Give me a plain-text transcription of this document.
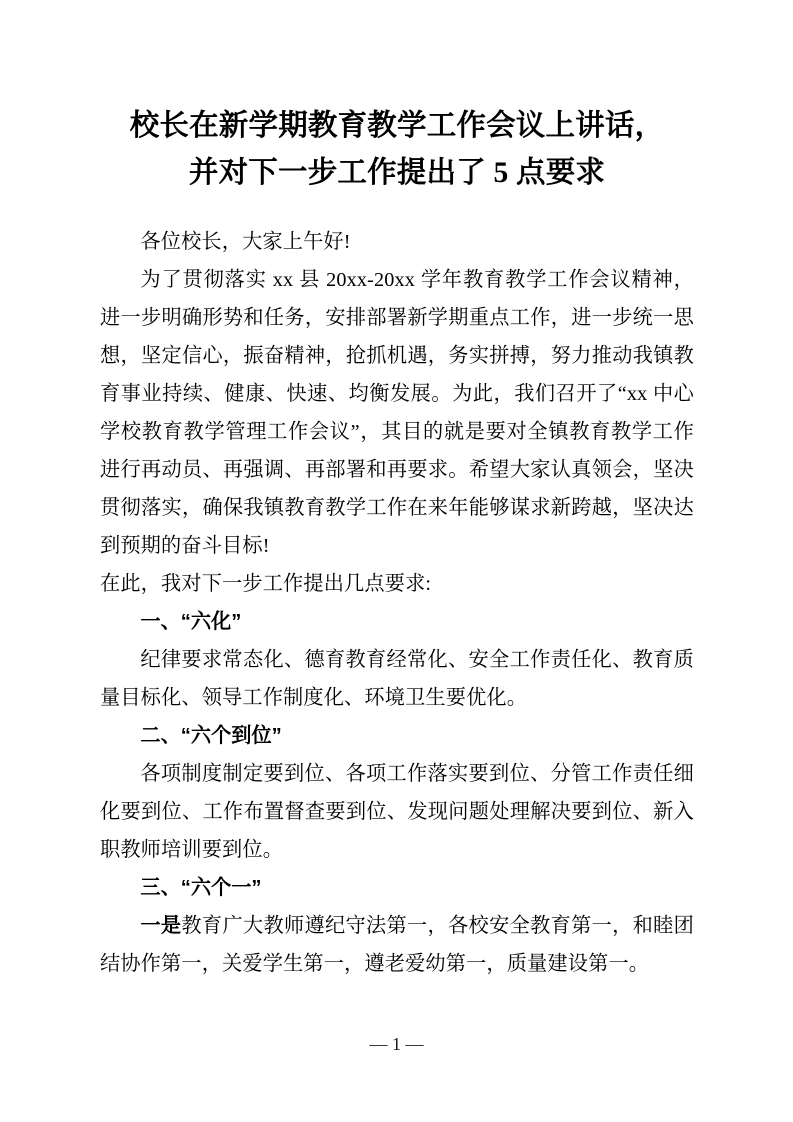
校长在新学期教育教学工作会议上讲话，
并对下一步工作提出了 5 点要求

各位校长，大家上午好!

为了贯彻落实 xx 县 20xx-20xx 学年教育教学工作会议精神，进一步明确形势和任务，安排部署新学期重点工作，进一步统一思想，坚定信心，振奋精神，抢抓机遇，务实拼搏，努力推动我镇教育事业持续、健康、快速、均衡发展。为此，我们召开了“xx 中心学校教育教学管理工作会议”，其目的就是要对全镇教育教学工作进行再动员、再强调、再部署和再要求。希望大家认真领会，坚决贯彻落实，确保我镇教育教学工作在来年能够谋求新跨越，坚决达到预期的奋斗目标!

在此，我对下一步工作提出几点要求:

一、“六化”

纪律要求常态化、德育教育经常化、安全工作责任化、教育质量目标化、领导工作制度化、环境卫生要优化。

二、“六个到位”

各项制度制定要到位、各项工作落实要到位、分管工作责任细化要到位、工作布置督查要到位、发现问题处理解决要到位、新入职教师培训要到位。

三、“六个一”

一是教育广大教师遵纪守法第一，各校安全教育第一，和睦团结协作第一，关爱学生第一，遵老爱幼第一，质量建设第一。

— 1 —
